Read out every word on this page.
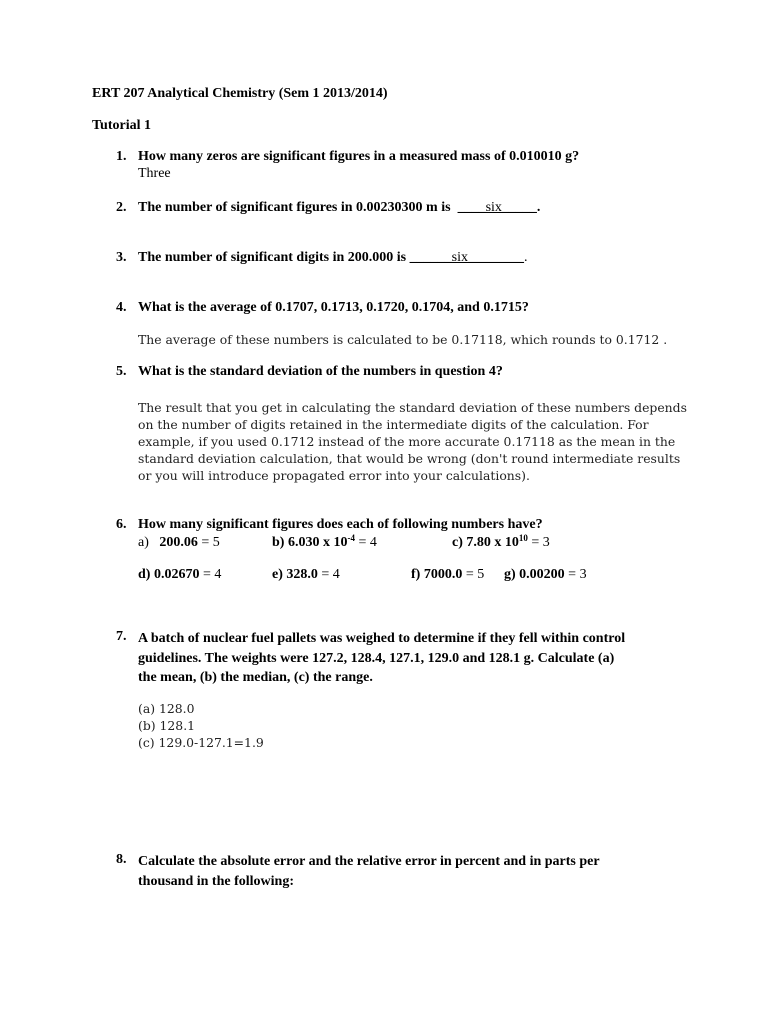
ERT 207 Analytical Chemistry (Sem 1 2013/2014)
Tutorial 1
1. How many zeros are significant figures in a measured mass of 0.010010 g?
Three
2. The number of significant figures in 0.00230300 m is ____six_____.
3. The number of significant digits in 200.000 is ______six________.
4. What is the average of 0.1707, 0.1713, 0.1720, 0.1704, and 0.1715?
The average of these numbers is calculated to be 0.17118, which rounds to 0.1712 .
5. What is the standard deviation of the numbers in question 4?
The result that you get in calculating the standard deviation of these numbers depends
on the number of digits retained in the intermediate digits of the calculation. For
example, if you used 0.1712 instead of the more accurate 0.17118 as the mean in the
standard deviation calculation, that would be wrong (don't round intermediate results
or you will introduce propagated error into your calculations).
6. How many significant figures does each of following numbers have?
a) 200.06 = 5	b) 6.030 x $10^{-4} = 4$	c) 7.80 x $10^{10} = 3$
d) 0.02670 = 4	e) 328.0 = 4	f) 7000.0 = 5 g) 0.00200 = 3
7. A batch of nuclear fuel pallets was weighed to determine if they fell within control
guidelines. The weights were 127.2, 128.4, 127.1, 129.0 and 128.1 g. Calculate (a)
the mean, (b) the median, (c) the range.
(a) 128.0
(b) 128.1
(c) 129.0-127.1=1.9
8. Calculate the absolute error and the relative error in percent and in parts per
thousand in the following:
